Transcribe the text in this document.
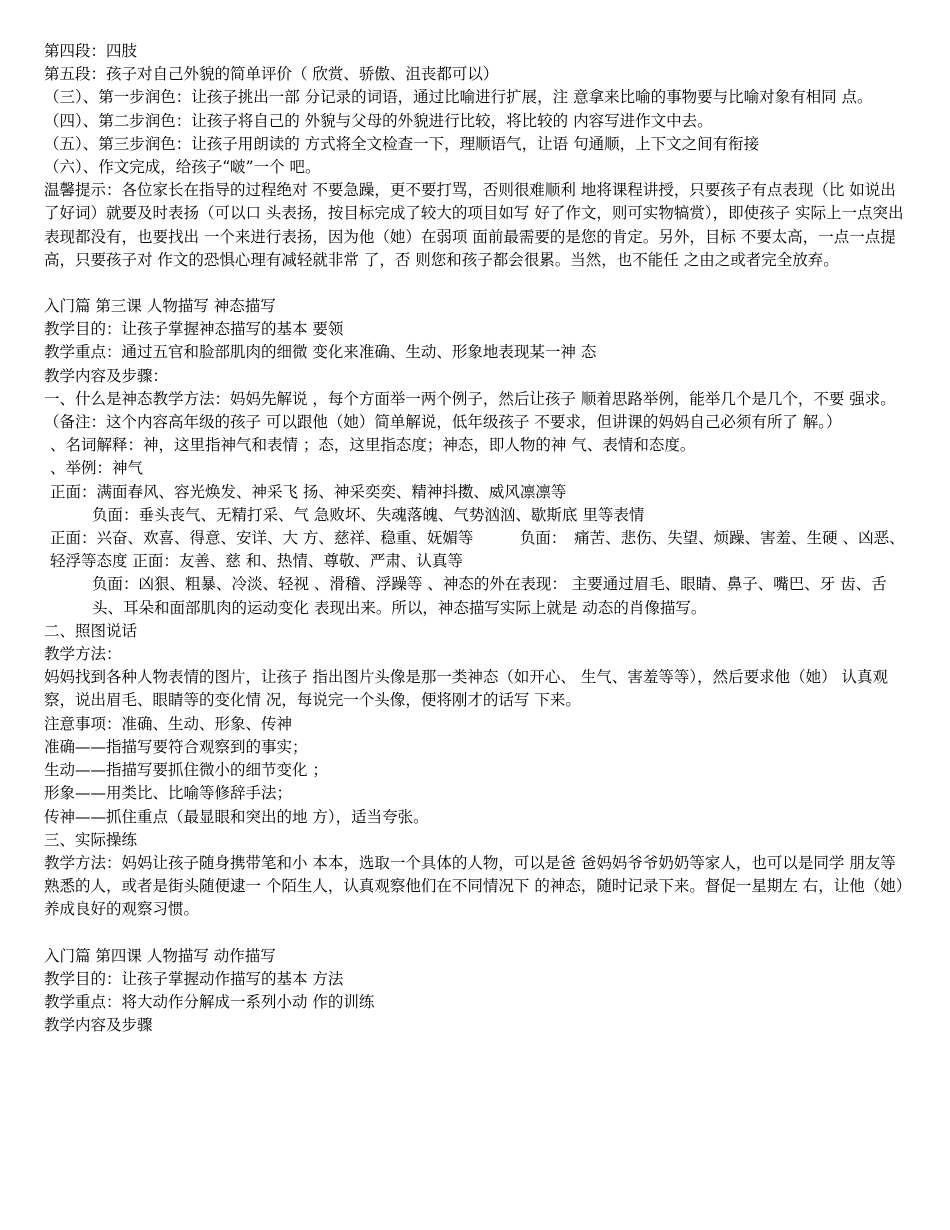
第四段：四肢
第五段：孩子对自己外貌的简单评价（ 欣赏、骄傲、沮丧都可以）
（三）、第一步润色：让孩子挑出一部 分记录的词语，通过比喻进行扩展，注 意拿来比喻的事物要与比喻对象有相同 点。
（四）、第二步润色：让孩子将自己的 外貌与父母的外貌进行比较，将比较的 内容写进作文中去。
（五）、第三步润色：让孩子用朗读的 方式将全文检查一下，理顺语气，让语 句通顺，上下文之间有衔接
（六）、作文完成，给孩子“啵”一个 吧。
温馨提示：各位家长在指导的过程绝对 不要急躁，更不要打骂，否则很难顺利 地将课程讲授，只要孩子有点表现（比 如说出了好词）就要及时表扬（可以口 头表扬，按目标完成了较大的项目如写 好了作文，则可实物犒赏），即使孩子 实际上一点突出表现都没有，也要找出 一个来进行表扬，因为他（她）在弱项 面前最需要的是您的肯定。另外，目标 不要太高，一点一点提高，只要孩子对 作文的恐惧心理有减轻就非常 了，否 则您和孩子都会很累。当然，也不能任 之由之或者完全放弃。
入门篇 第三课 人物描写 神态描写
教学目的：让孩子掌握神态描写的基本 要领
教学重点：通过五官和脸部肌肉的细微 变化来准确、生动、形象地表现某一神 态
教学内容及步骤：
一、什么是神态教学方法：妈妈先解说 ，每个方面举一两个例子，然后让孩子 顺着思路举例，能举几个是几个，不要 强求。（备注：这个内容高年级的孩子 可以跟他（她）简单解说，低年级孩子 不要求，但讲课的妈妈自己必须有所了 解。）
、名词解释：神，这里指神气和表情 ；态，这里指态度；神态，即人物的神 气、表情和态度。
、举例：神气
正面：满面春风、容光焕发、神采飞 扬、神采奕奕、精神抖擞、威风凛凛等
负面：垂头丧气、无精打采、气 急败坏、失魂落魄、气势汹汹、歇斯底 里等表情
正面：兴奋、欢喜、得意、安详、大 方、慈祥、稳重、妩媚等　　　负面：　痛苦、悲伤、失望、烦躁、害羞、生硬 、凶恶、轻浮等态度 正面：友善、慈 和、热情、尊敬、严肃、认真等
负面：凶狠、粗暴、冷淡、轻视 、滑稽、浮躁等 、神态的外在表现： 主要通过眉毛、眼睛、鼻子、嘴巴、牙 齿、舌头、耳朵和面部肌肉的运动变化 表现出来。所以，神态描写实际上就是 动态的肖像描写。
二、照图说话
教学方法：
妈妈找到各种人物表情的图片，让孩子 指出图片头像是那一类神态（如开心、 生气、害羞等等），然后要求他（她） 认真观察，说出眉毛、眼睛等的变化情 况，每说完一个头像，便将刚才的话写 下来。
注意事项：准确、生动、形象、传神
准确——指描写要符合观察到的事实；
生动——指描写要抓住微小的细节变化 ；
形象——用类比、比喻等修辞手法；
传神——抓住重点（最显眼和突出的地 方），适当夸张。
三、实际操练
教学方法：妈妈让孩子随身携带笔和小 本本，选取一个具体的人物，可以是爸 爸妈妈爷爷奶奶等家人，也可以是同学 朋友等熟悉的人，或者是街头随便逮一 个陌生人，认真观察他们在不同情况下 的神态，随时记录下来。督促一星期左 右，让他（她）养成良好的观察习惯。
入门篇 第四课 人物描写 动作描写
教学目的：让孩子掌握动作描写的基本 方法
教学重点：将大动作分解成一系列小动 作的训练
教学内容及步骤
